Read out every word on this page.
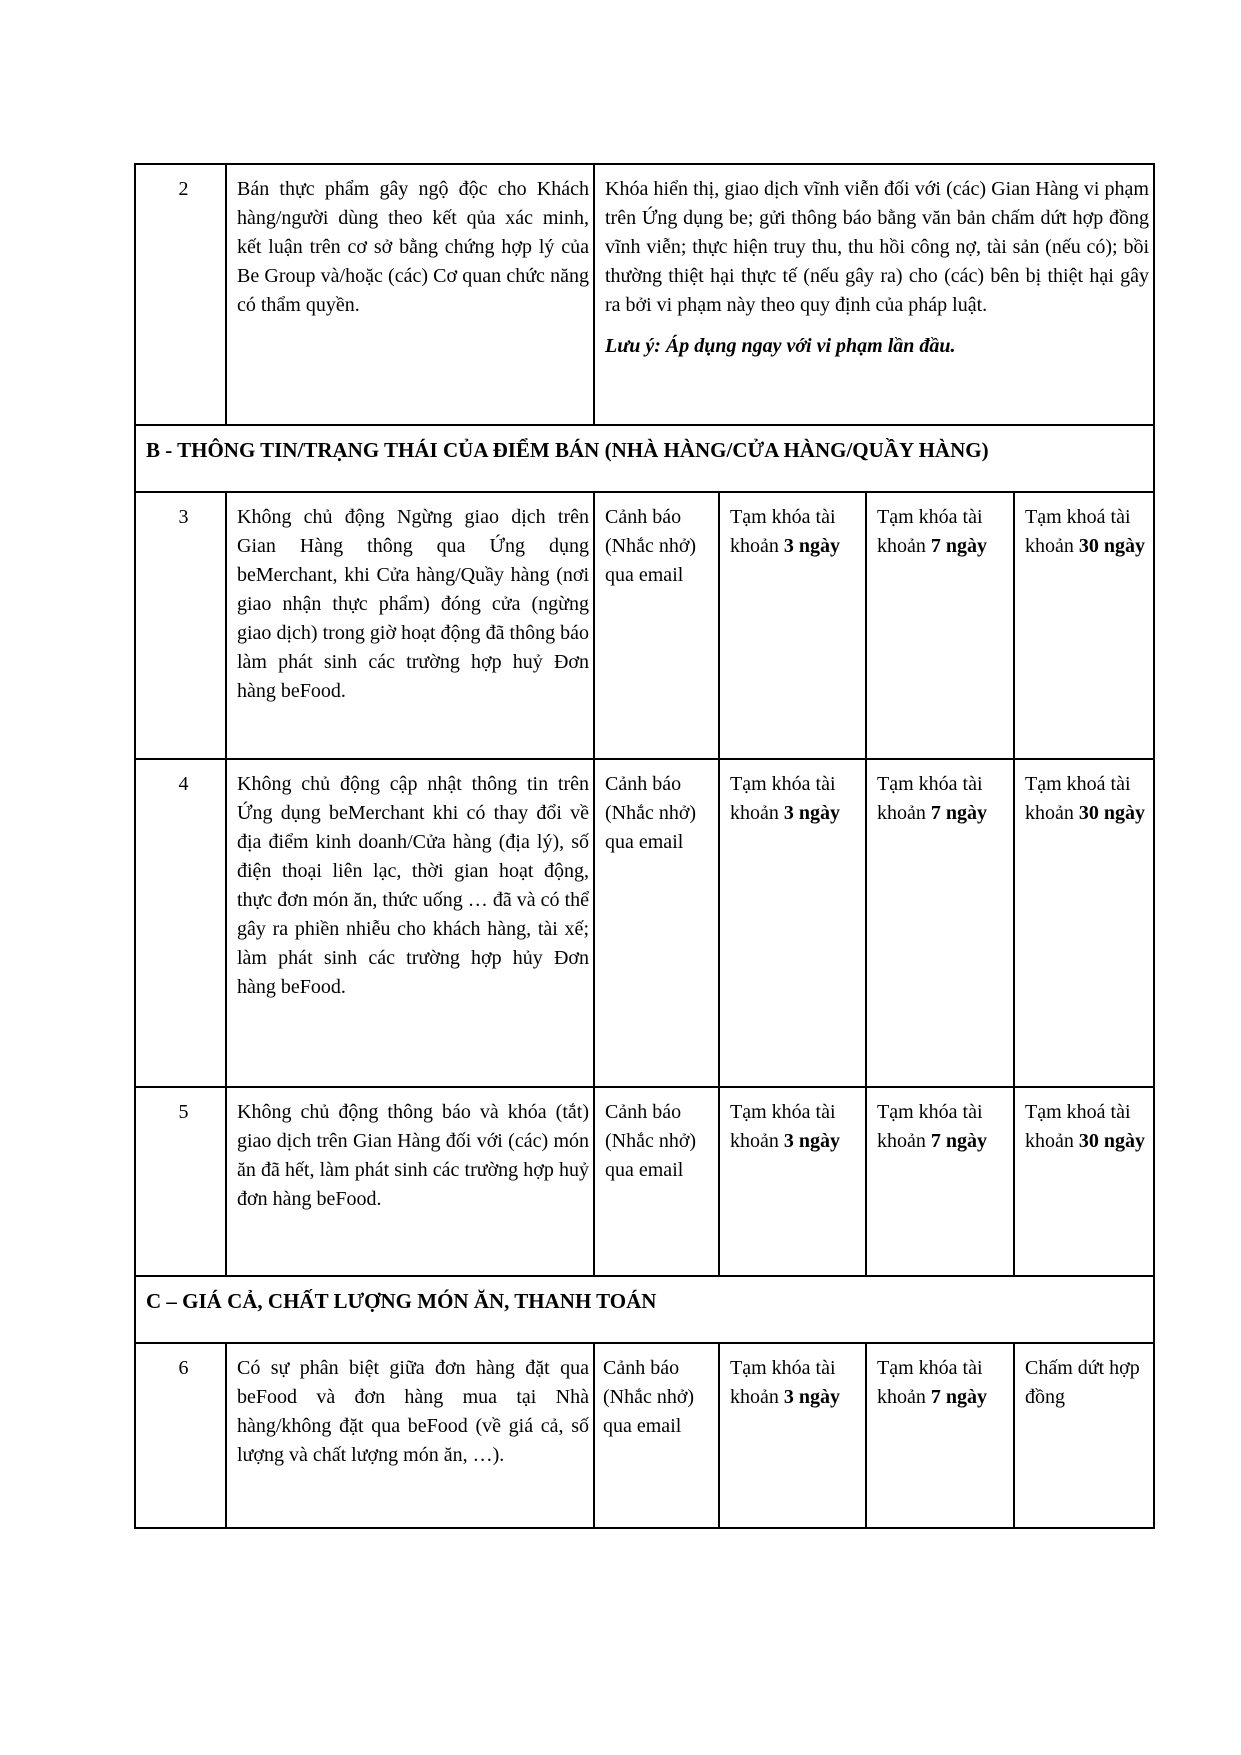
2	Bán thực phẩm gây ngộ độc cho Khách hàng/người dùng theo kết qủa xác minh, kết luận trên cơ sở bằng chứng hợp lý của Be Group và/hoặc (các) Cơ quan chức năng có thẩm quyền.	Khóa hiển thị, giao dịch vĩnh viễn đối với (các) Gian Hàng vi phạm trên Ứng dụng be; gửi thông báo bằng văn bản chấm dứt hợp đồng vĩnh viễn; thực hiện truy thu, thu hồi công nợ, tài sản (nếu có); bồi thường thiệt hại thực tế (nếu gây ra) cho (các) bên bị thiệt hại gây ra bởi vi phạm này theo quy định của pháp luật.

Lưu ý: Áp dụng ngay với vi phạm lần đầu.			

B - THÔNG TIN/TRẠNG THÁI CỦA ĐIỂM BÁN (NHÀ HÀNG/CỬA HÀNG/QUẦY HÀNG)					
3	Không chủ động Ngừng giao dịch trên Gian Hàng thông qua Ứng dụng beMerchant, khi Cửa hàng/Quầy hàng (nơi giao nhận thực phẩm) đóng cửa (ngừng giao dịch) trong giờ hoạt động đã thông báo làm phát sinh các trường hợp huỷ Đơn hàng beFood.	Cảnh báo (Nhắc nhở) qua email	Tạm khóa tài khoản 3 ngày	Tạm khóa tài khoản 7 ngày	Tạm khoá tài khoản 30 ngày
4	Không chủ động cập nhật thông tin trên Ứng dụng beMerchant khi có thay đổi về địa điểm kinh doanh/Cửa hàng (địa lý), số điện thoại liên lạc, thời gian hoạt động, thực đơn món ăn, thức uống … đã và có thể gây ra phiền nhiễu cho khách hàng, tài xế; làm phát sinh các trường hợp hủy Đơn hàng beFood.	Cảnh báo (Nhắc nhở) qua email	Tạm khóa tài khoản 3 ngày	Tạm khóa tài khoản 7 ngày	Tạm khoá tài khoản 30 ngày
5	Không chủ động thông báo và khóa (tắt) giao dịch trên Gian Hàng đối với (các) món ăn đã hết, làm phát sinh các trường hợp huỷ đơn hàng beFood.	Cảnh báo (Nhắc nhở) qua email	Tạm khóa tài khoản 3 ngày	Tạm khóa tài khoản 7 ngày	Tạm khoá tài khoản 30 ngày
C – GIÁ CẢ, CHẤT LƯỢNG MÓN ĂN, THANH TOÁN					
6	Có sự phân biệt giữa đơn hàng đặt qua beFood và đơn hàng mua tại Nhà hàng/không đặt qua beFood (về giá cả, số lượng và chất lượng món ăn, …).	Cảnh báo (Nhắc nhở) qua email	Tạm khóa tài khoản 3 ngày	Tạm khóa tài khoản 7 ngày	Chấm dứt hợp đồng
